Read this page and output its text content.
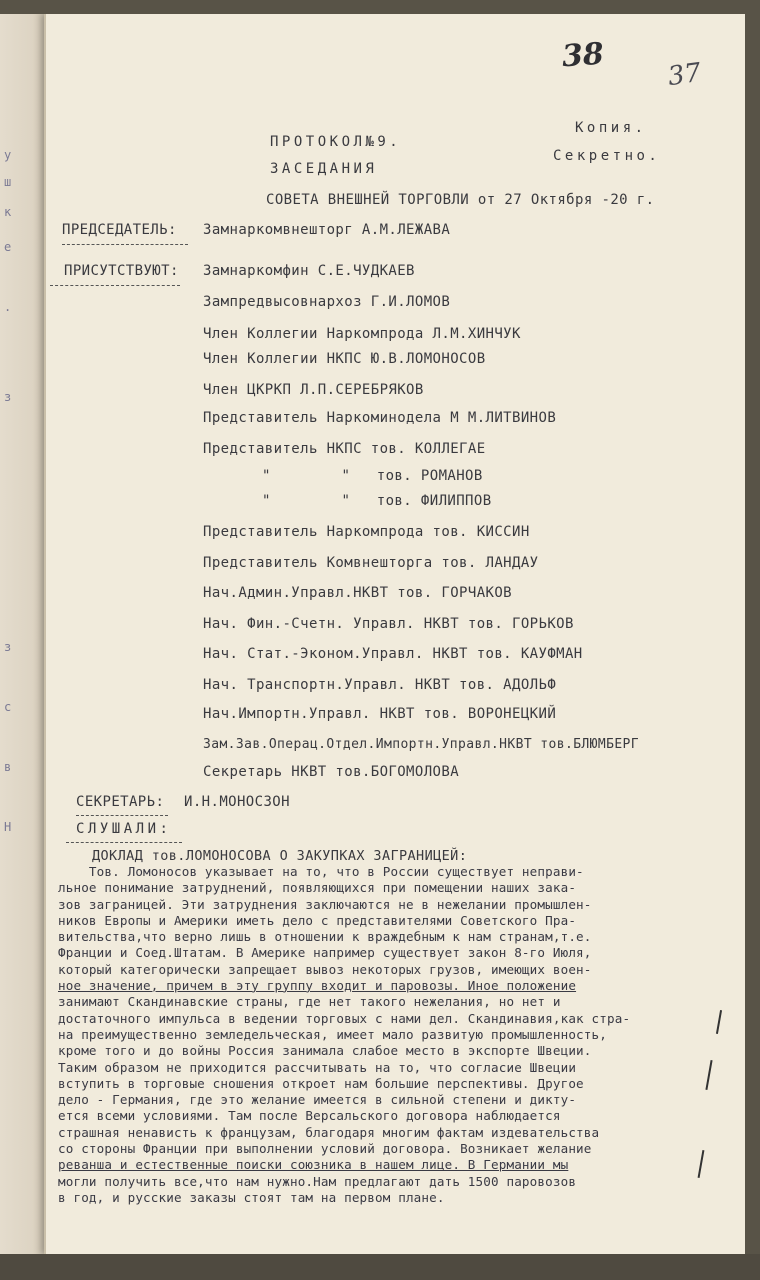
у
ш
к
е
.
з
з
с
в
Н
38
37
Копия.
Секретно.
ПРОТОКОЛ№9.
ЗАСЕДАНИЯ
СОВЕТА ВНЕШНЕЙ ТОРГОВЛИ от 27 Октября -20 г.
ПРЕДСЕДАТЕЛЬ: Замнаркомвнешторг А.М.ЛЕЖАВА
ПРИСУТСТВУЮТ: Замнаркомфин С.Е.ЧУДКАЕВ
Зампредвысовнархоз Г.И.ЛОМОВ
Член Коллегии Наркомпрода Л.М.ХИНЧУК
Член Коллегии НКПС Ю.В.ЛОМОНОСОВ
Член ЦКРКП Л.П.СЕРЕБРЯКОВ
Представитель Наркоминодела М М.ЛИТВИНОВ
Представитель НКПС тов. КОЛЛЕГАЕ
"        "   тов. РОМАНОВ
"        "   тов. ФИЛИППОВ
Представитель Наркомпрода тов. КИССИН
Представитель Комвнешторга тов. ЛАНДАУ
Нач.Админ.Управл.НКВТ тов. ГОРЧАКОВ
Нач. Фин.-Счетн. Управл. НКВТ тов. ГОРЬКОВ
Нач. Стат.-Эконом.Управл. НКВТ тов. КАУФМАН
Нач. Транспортн.Управл. НКВТ тов. АДОЛЬФ
Нач.Импортн.Управл. НКВТ тов. ВОРОНЕЦКИЙ
Зам.Зав.Операц.Отдел.Импортн.Управл.НКВТ тов.БЛЮМБЕРГ
Секретарь НКВТ тов.БОГОМОЛОВА
СЕКРЕТАРЬ: И.Н.МОНОСЗОН
СЛУШАЛИ:
ДОКЛАД тов.ЛОМОНОСОВА О ЗАКУПКАХ ЗАГРАНИЦЕЙ:
Тов. Ломоносов указывает на то, что в России существует неправи-
льное понимание затруднений, появляющихся при помещении наших зака-
зов заграницей. Эти затруднения заключаются не в нежелании промышлен-
ников Европы и Америки иметь дело с представителями Советского Пра-
вительства,что верно лишь в отношении к враждебным к нам странам,т.е.
Франции и Соед.Штатам. В Америке например существует закон 8-го Июля,
который категорически запрещает вывоз некоторых грузов, имеющих воен-
ное значение, причем в эту группу входит и паровозы. Иное положение
занимают Скандинавские страны, где нет такого нежелания, но нет и
достаточного импульса в ведении торговых с нами дел. Скандинавия,как стра-
на преимущественно земледельческая, имеет мало развитую промышленность,
кроме того и до войны Россия занимала слабое место в экспорте Швеции.
Таким образом не приходится рассчитывать на то, что согласие Швеции
вступить в торговые сношения откроет нам большие перспективы. Другое
дело - Германия, где это желание имеется в сильной степени и дикту-
ется всеми условиями. Там после Версальского договора наблюдается
страшная ненависть к французам, благодаря многим фактам издевательства
со стороны Франции при выполнении условий договора. Возникает желание
реванша и естественные поиски союзника в нашем лице. В Германии мы
могли получить все,что нам нужно.Нам предлагают дать 1500 паровозов
в год, и русские заказы стоят там на первом плане.
